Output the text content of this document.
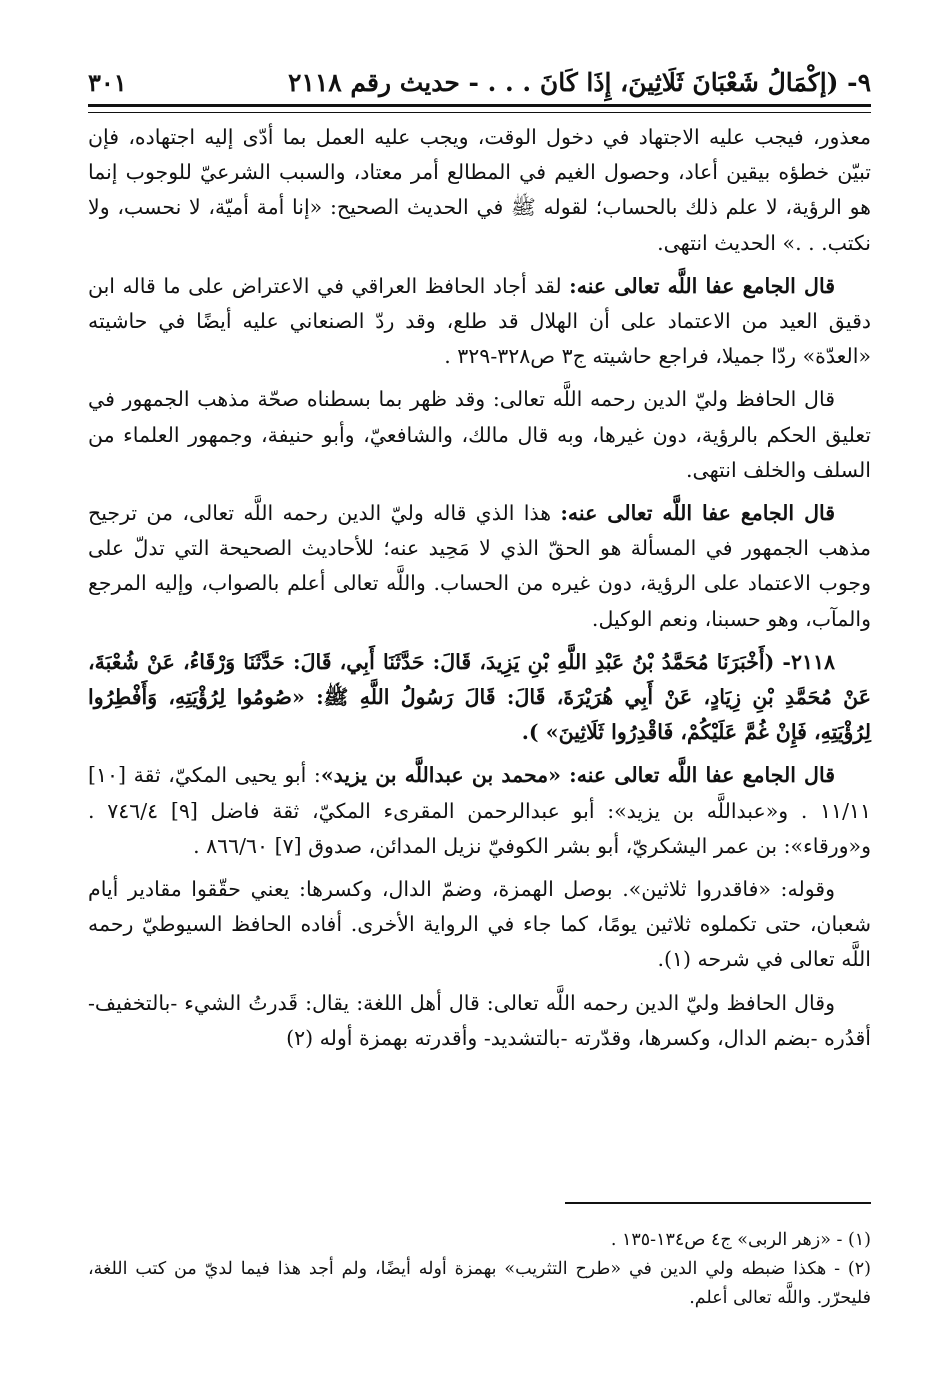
٩- (إكْمَالُ شَعْبَانَ ثَلَاثِينَ، إِذَا كَانَ . . . - حديث رقم ٢١١٨
٣٠١

معذور، فيجب عليه الاجتهاد في دخول الوقت، ويجب عليه العمل بما أدّى إليه اجتهاده، فإن تبيّن خطؤه بيقين أعاد، وحصول الغيم في المطالع أمر معتاد، والسبب الشرعيّ للوجوب إنما هو الرؤية، لا علم ذلك بالحساب؛ لقوله ﷺ في الحديث الصحيح: «إنا أمة أميّة، لا نحسب، ولا نكتب. . .» الحديث انتهى.

قال الجامع عفا اللَّه تعالى عنه: لقد أجاد الحافظ العراقي في الاعتراض على ما قاله ابن دقيق العيد من الاعتماد على أن الهلال قد طلع، وقد ردّ الصنعاني عليه أيضًا في حاشيته «العدّة» ردّا جميلا، فراجع حاشيته ج٣ ص٣٢٨-٣٢٩ .

قال الحافظ وليّ الدين رحمه اللَّه تعالى: وقد ظهر بما بسطناه صحّة مذهب الجمهور في تعليق الحكم بالرؤية، دون غيرها، وبه قال مالك، والشافعيّ، وأبو حنيفة، وجمهور العلماء من السلف والخلف انتهى.

قال الجامع عفا اللَّه تعالى عنه: هذا الذي قاله وليّ الدين رحمه اللَّه تعالى، من ترجيح مذهب الجمهور في المسألة هو الحقّ الذي لا مَحِيد عنه؛ للأحاديث الصحيحة التي تدلّ على وجوب الاعتماد على الرؤية، دون غيره من الحساب. واللَّه تعالى أعلم بالصواب، وإليه المرجع والمآب، وهو حسبنا، ونعم الوكيل.

٢١١٨- (أَخْبَرَنَا مُحَمَّدُ بْنُ عَبْدِ اللَّهِ بْنِ يَزِيدَ، قَالَ: حَدَّثَنَا أَبِي، قَالَ: حَدَّثَنَا وَرْقَاءُ، عَنْ شُعْبَةَ، عَنْ مُحَمَّدِ بْنِ زِيَادٍ، عَنْ أَبِي هُرَيْرَةَ، قَالَ: قَالَ رَسُولُ اللَّهِ ﷺ: «صُومُوا لِرُؤْيَتِهِ، وَأَفْطِرُوا لِرُؤْيَتِهِ، فَإِنْ غُمَّ عَلَيْكُمْ، فَاقْدِرُوا ثَلَاثِينَ» ).

قال الجامع عفا اللَّه تعالى عنه: «محمد بن عبداللَّه بن يزيد»: أبو يحيى المكيّ، ثقة [١٠] ١١/١١ . و«عبداللَّه بن يزيد»: أبو عبدالرحمن المقرىء المكيّ، ثقة فاضل [٩] ٧٤٦/٤ . و«ورقاء»: بن عمر اليشكريّ، أبو بشر الكوفيّ نزيل المدائن، صدوق [٧] ٨٦٦/٦٠ .

وقوله: «فاقدروا ثلاثين». بوصل الهمزة، وضمّ الدال، وكسرها: يعني حقّقوا مقادير أيام شعبان، حتى تكملوه ثلاثين يومًا، كما جاء في الرواية الأخرى. أفاده الحافظ السيوطيّ رحمه اللَّه تعالى في شرحه (١).

وقال الحافظ وليّ الدين رحمه اللَّه تعالى: قال أهل اللغة: يقال: قَدرتُ الشيء -بالتخفيف- أقدُره -بضم الدال، وكسرها، وقدّرته -بالتشديد- وأقدرته بهمزة أوله (٢)

(١) - «زهر الربى» ج٤ ص١٣٤-١٣٥ .

(٢) - هكذا ضبطه ولي الدين في «طرح التثريب» بهمزة أوله أيضًا، ولم أجد هذا فيما لديّ من كتب اللغة، فليحرّر. واللَّه تعالى أعلم.
